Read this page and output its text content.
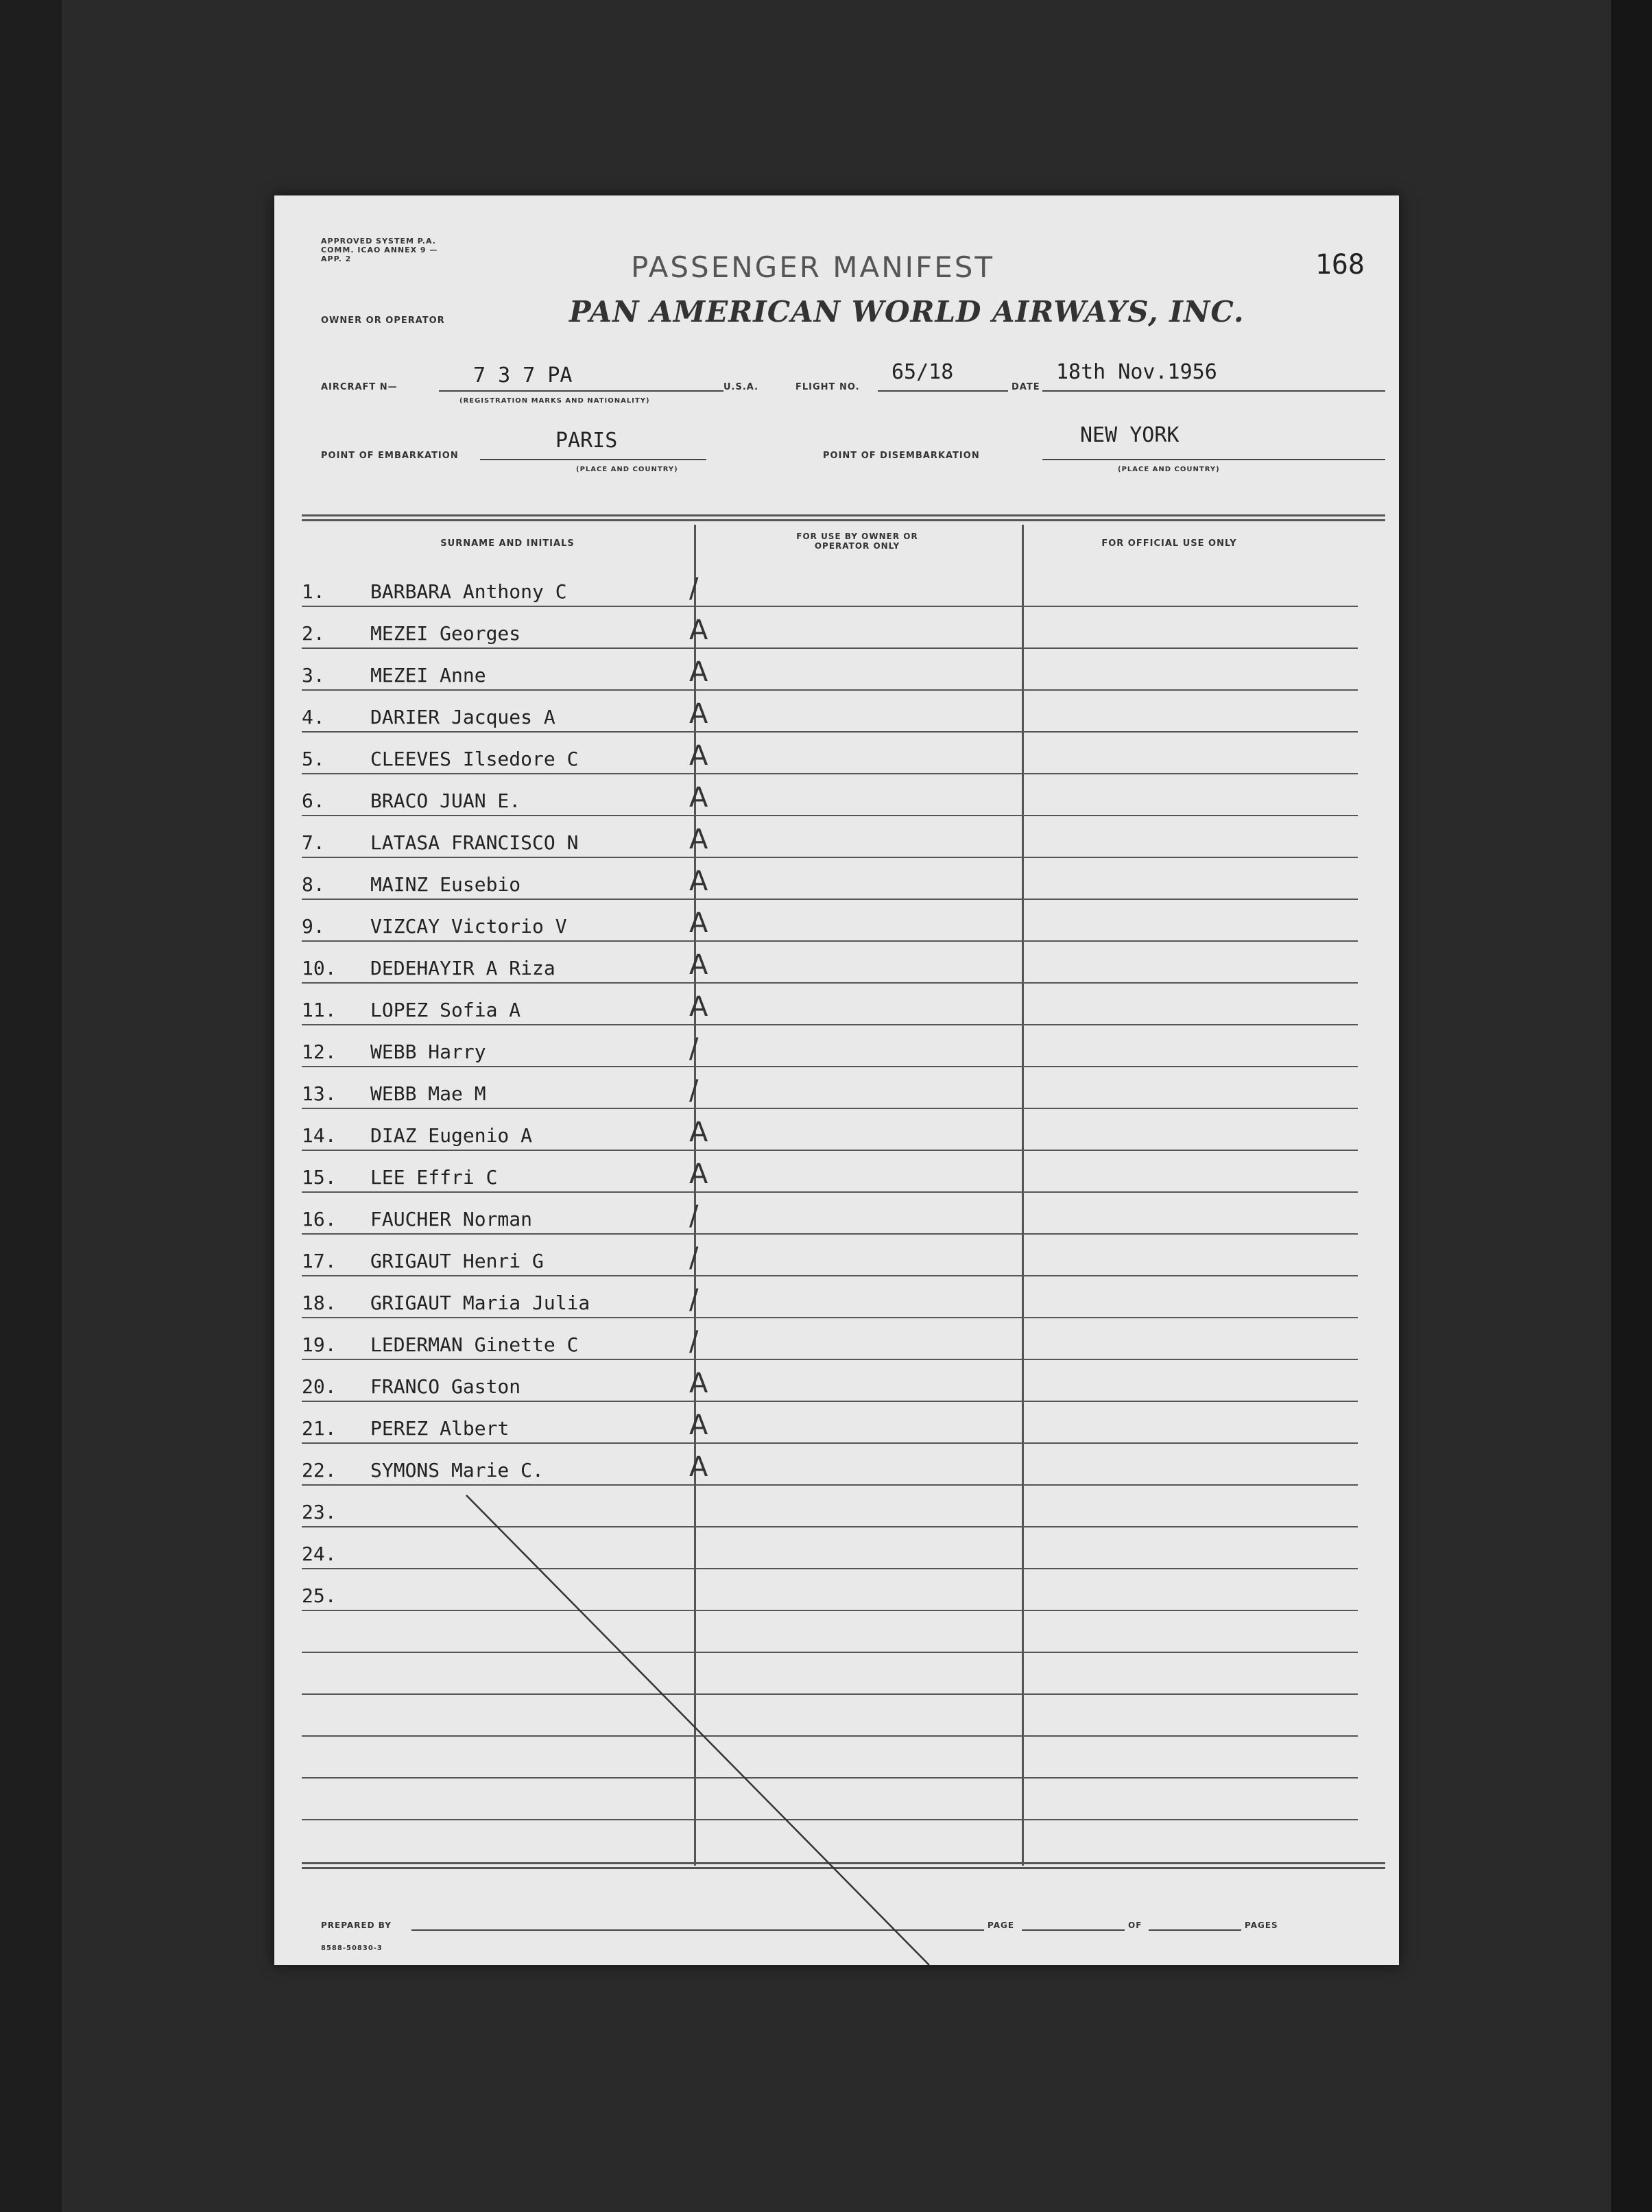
APPROVED SYSTEM P.A. COMM. ICAO ANNEX 9 — APP. 2	168
PASSENGER MANIFEST
OWNER OR OPERATOR	PAN AMERICAN WORLD AIRWAYS, INC.
AIRCRAFT N—	7 3 7 PA
(REGISTRATION MARKS AND NATIONALITY)
U.S.A.	FLIGHT NO.
65/18
DATE
18th Nov.1956
POINT OF EMBARKATION
PARIS
(PLACE AND COUNTRY)
POINT OF DISEMBARKATION
NEW YORK
(PLACE AND COUNTRY)
SURNAME AND INITIALS
FOR USE BY OWNER OR OPERATOR ONLY	FOR OFFICIAL USE ONLY
1.	BARBARA Anthony C	/
2.	MEZEI Georges	A
3.	MEZEI Anne	A
4.	DARIER Jacques A	A
5.	CLEEVES Ilsedore C	A
6.	BRACO JUAN E.	A
7.	LATASA FRANCISCO N	A
8.	MAINZ Eusebio	A
9.	VIZCAY Victorio V	A
10.	DEDEHAYIR A Riza	A
11.	LOPEZ Sofia A	A
12.	WEBB Harry	/
13.	WEBB Mae M	/
14.	DIAZ Eugenio A	A
15.	LEE Effri C	A
16.	FAUCHER Norman	/
17.	GRIGAUT Henri G	/
18.	GRIGAUT Maria Julia	/
19.	LEDERMAN Ginette C	/
20.	FRANCO Gaston	A
21.	PEREZ Albert	A
22.	SYMONS Marie C.	A
23.
24.
25.
PREPARED BY	PAGE	OF	PAGES
8588-50830-3
